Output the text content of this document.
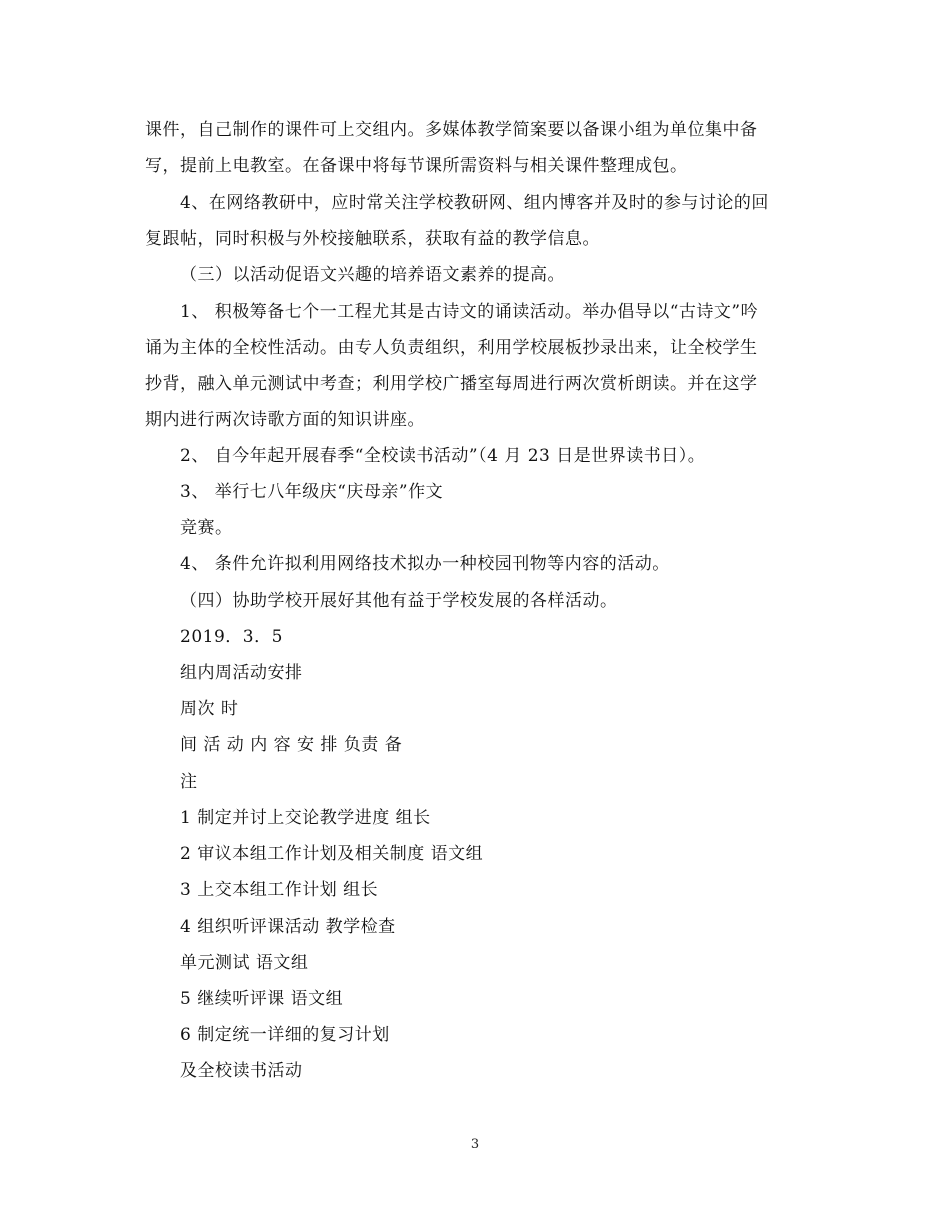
课件，自己制作的课件可上交组内。多媒体教学简案要以备课小组为单位集中备
写，提前上电教室。在备课中将每节课所需资料与相关课件整理成包。
4、在网络教研中，应时常关注学校教研网、组内博客并及时的参与讨论的回
复跟帖，同时积极与外校接触联系，获取有益的教学信息。
（三）以活动促语文兴趣的培养语文素养的提高。
1、 积极筹备七个一工程尤其是古诗文的诵读活动。举办倡导以“古诗文”吟
诵为主体的全校性活动。由专人负责组织，利用学校展板抄录出来，让全校学生
抄背，融入单元测试中考查；利用学校广播室每周进行两次赏析朗读。并在这学
期内进行两次诗歌方面的知识讲座。
2、 自今年起开展春季“全校读书活动”（4 月 23 日是世界读书日）。
3、 举行七八年级庆“庆母亲”作文
竞赛。
4、 条件允许拟利用网络技术拟办一种校园刊物等内容的活动。
（四）协助学校开展好其他有益于学校发展的各样活动。
2019．3．5
组内周活动安排
周次 时
间 活 动 内 容 安 排 负责 备
注
1 制定并讨上交论教学进度 组长
2 审议本组工作计划及相关制度 语文组
3 上交本组工作计划 组长
4 组织听评课活动 教学检查
单元测试 语文组
5 继续听评课 语文组
6 制定统一详细的复习计划
及全校读书活动
3
